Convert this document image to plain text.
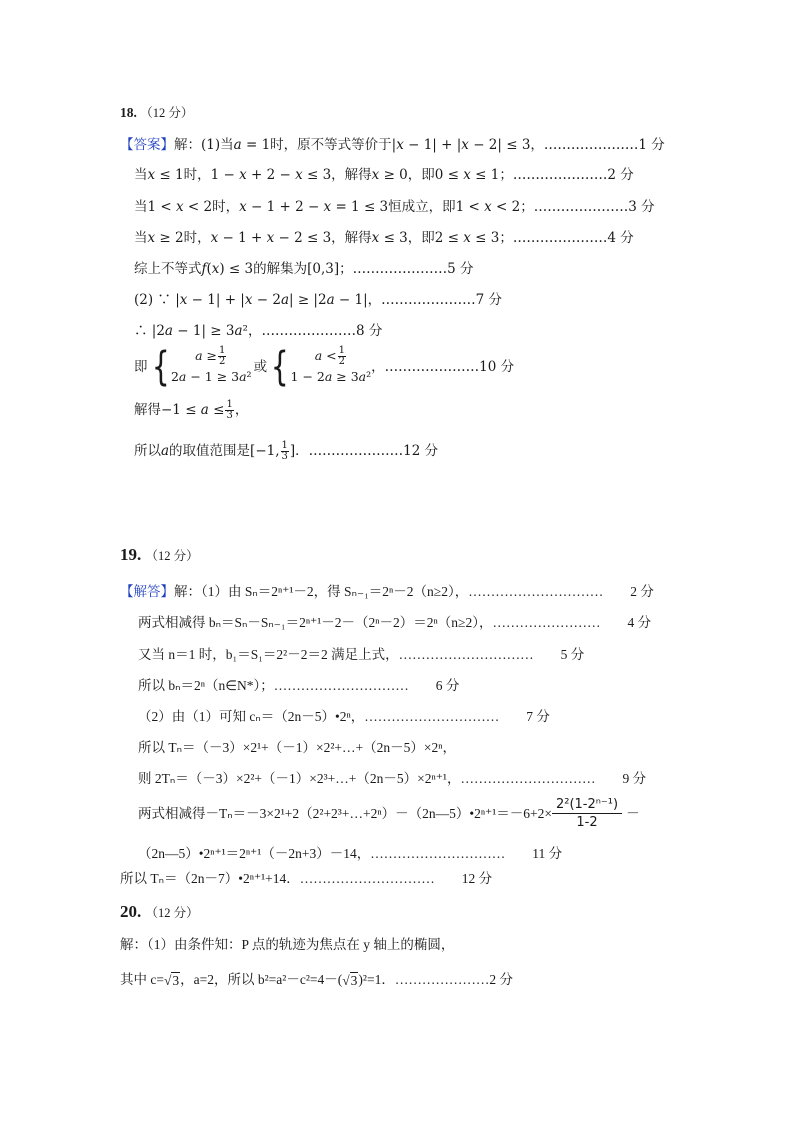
18. （12 分）
【答案】解：(1)当𝑎 = 1时，原不等式等价于|𝑥 − 1| + |𝑥 − 2| ≤ 3，…………………1 分
当𝑥 ≤ 1时，1 − 𝑥 + 2 − 𝑥 ≤ 3，解得𝑥 ≥ 0，即0 ≤ 𝑥 ≤ 1；…………………2 分
当1 < 𝑥 < 2时，𝑥 − 1 + 2 − 𝑥 = 1 ≤ 3恒成立，即1 < 𝑥 < 2；…………………3 分
当𝑥 ≥ 2时，𝑥 − 1 + 𝑥 − 2 ≤ 3，解得𝑥 ≤ 3，即2 ≤ 𝑥 ≤ 3；…………………4 分
综上不等式𝑓(𝑥) ≤ 3的解集为[0,3]；…………………5 分
(2) ∵ |𝑥 − 1| + |𝑥 − 2𝑎| ≥ |2𝑎 − 1|，…………………7 分
∴ |2𝑎 − 1| ≥ 3𝑎²，…………………8 分
即 {	𝑎 ≥ $\frac{1}{2}$
2𝑎 − 1 ≥ 3𝑎²
或 {	𝑎 < $\frac{1}{2}$
1 − 2𝑎 ≥ 3𝑎²
，…………………10 分
解得−1 ≤ 𝑎 ≤ $\frac{1}{3}$ ，
所以𝑎的取值范围是[−1, $\frac{1}{3}$ ]．…………………12 分
19. （12 分）
【解答】解：（1）由 Sₙ＝2ⁿ⁺¹－2，得 Sₙ₋₁＝2ⁿ－2（n≥2），…………………………　　2 分
两式相减得 bₙ＝Sₙ－Sₙ₋₁＝2ⁿ⁺¹－2－（2ⁿ－2）＝2ⁿ（n≥2），……………………　　4 分
又当 n＝1 时，b₁＝S₁＝2²－2＝2 满足上式，…………………………　　5 分
所以 bₙ＝2ⁿ（n∈N*）；…………………………　　6 分
（2）由（1）可知 cₙ＝（2n－5）•2ⁿ，…………………………　　7 分
所以 Tₙ＝（－3）×2¹+（－1）×2²+…+（2n－5）×2ⁿ，
则 2Tₙ＝（－3）×2²+（－1）×2³+…+（2n－5）×2ⁿ⁺¹，…………………………　　9 分
两式相减得－Tₙ＝－3×2¹+2（2²+2³+…+2ⁿ）－（2n—5）•2ⁿ⁺¹＝－6+2× $\frac{\text{2²(1-2ⁿ⁻¹)}}{1-2}$ －
（2n—5）•2ⁿ⁺¹＝2ⁿ⁺¹（－2n+3）－14，…………………………　　11 分
所以 Tₙ＝（2n－7）•2ⁿ⁺¹+14．…………………………　　12 分
20. （12 分）
解：（1）由条件知：P 点的轨迹为焦点在 y 轴上的椭圆，
其中 c=√3，a=2，所以 b²=a²－c²=4－(√3)²=1．…………………2 分
